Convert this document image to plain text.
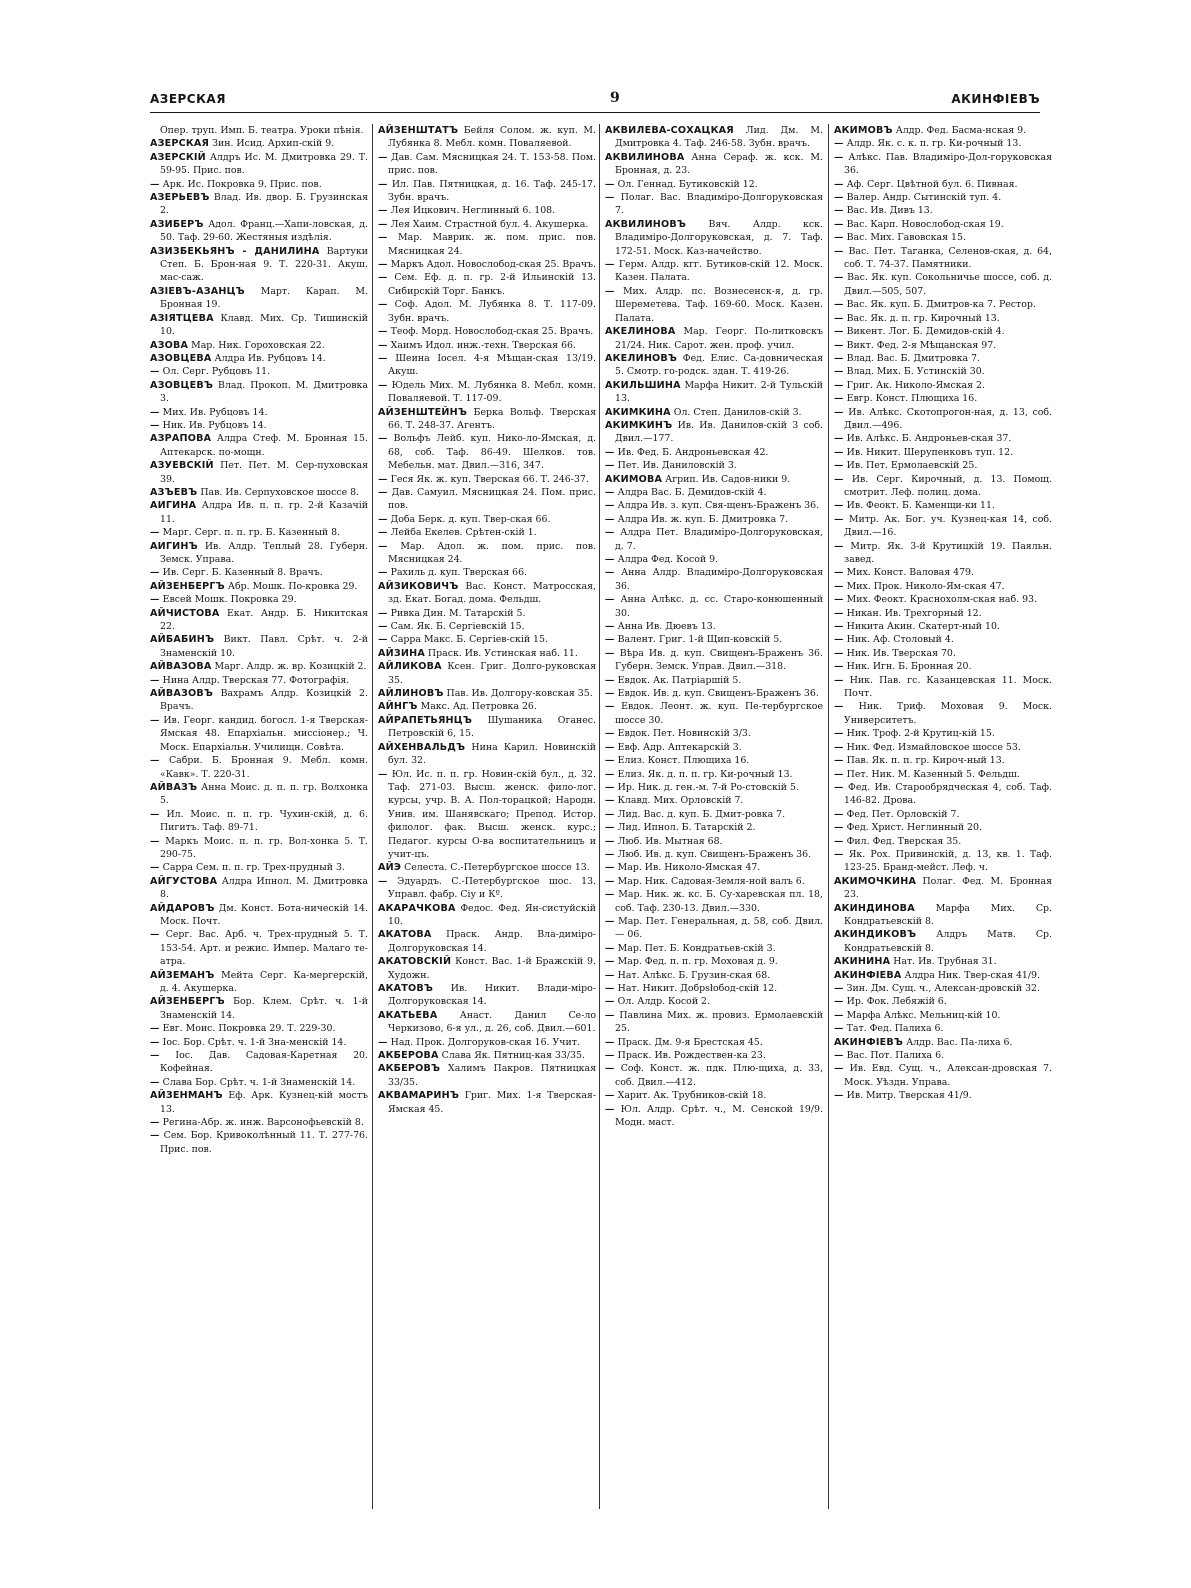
АЗЕРСКАЯ	9	АКИНФІЕВЪ

Опер. труп. Имп. Б. театра. Уроки пѣнія.

АЗЕРСКАЯ Зин. Исид. Архип-скій 9.

АЗЕРСКІЙ Алдръ Ис. М. Дмитровка 29. Т. 59-95. Прис. пов.

— Арк. Ис. Покровка 9. Прис. пов.

АЗЕРЬЕВЪ Влад. Ив. двор. Б. Грузинская 2.

АЗИБЕРЪ Адол. Франц.—Хапи-ловская, д. 50. Таф. 29-60. Жестяныя издѣлія.

АЗИЗБЕКЬЯНЪ - ДАНИЛИНА Вартуки Степ. Б. Брон-ная 9. Т. 220-31. Акуш. мас-саж.

АЗІЕВЪ-АЗАНЦЪ Март. Карап. М. Бронная 19.

АЗІЯТЦЕВА Клавд. Мих. Ср. Тишинскій 10.

АЗОВА Мар. Ник. Гороховская 22.

АЗОВЦЕВА Алдра Ив. Рубцовъ 14.

— Ол. Серг. Рубцовъ 11.

АЗОВЦЕВЪ Влад. Прокоп. М. Дмитровка 3.

— Мих. Ив. Рубцовъ 14.

— Ник. Ив. Рубцовъ 14.

АЗРАПОВА Алдра Стеф. М. Бронная 15. Аптекарск. по-мощн.

АЗУЕВСКІЙ Пет. Пет. М. Сер-пуховская 39.

АЗЪЕВЪ Пав. Ив. Серпуховское шоссе 8.

АИГИНА Алдра Ив. п. п. гр. 2-й Казачій 11.

— Марг. Серг. п. п. гр. Б. Казенный 8.

АИГИНЪ Ив. Алдр. Теплый 28. Губерн. Земск. Управа.

— Ив. Серг. Б. Казенный 8. Врачъ.

АЙЗЕНБЕРГЪ Абр. Мошк. По-кровка 29.

— Евсей Мошк. Покровка 29.

АЙЧИСТОВА Екат. Андр. Б. Никитская 22.

АЙБАБИНЪ Викт. Павл. Срѣт. ч. 2-й Знаменскій 10.

АЙВАЗОВА Марг. Алдр. ж. вр. Козицкій 2.

— Нина Алдр. Тверская 77. Фотографія.

АЙВАЗОВЪ Вахрамъ Алдр. Козицкій 2. Врачъ.

— Ив. Георг. кандид. богосл. 1-я Тверская-Ямская 48. Епархіальн. миссіонер.; Ч. Моск. Епархіальн. Училищн. Совѣта.

— Сабри. Б. Бронная 9. Мебл. комн. «Кавк». Т. 220-31.

АЙВАЗЪ Анна Моис. д. п. п. гр. Волхонка 5.

— Ил. Моис. п. п. гр. Чухин-скій, д. 6. Пигитъ. Таф. 89-71.

— Маркъ Моис. п. п. гр. Вол-хонка 5. Т. 290-75.

— Сарра Сем. п. п. гр. Трех-прудный 3.

АЙГУСТОВА Алдра Ипнол. М. Дмитровка 8.

АЙДАРОВЪ Дм. Конст. Бота-ническій 14. Моск. Почт.

— Серг. Вас. Арб. ч. Трех-прудный 5. Т. 153-54. Арт. и режис. Импер. Малаго те-атра.

АЙЗЕМАНЪ Мейта Серг. Ка-мергерскій, д. 4. Акушерка.

АЙЗЕНБЕРГЪ Бор. Клем. Срѣт. ч. 1-й Знаменскій 14.

— Евг. Моис. Покровка 29. Т. 229-30.

— Іос. Бор. Срѣт. ч. 1-й Зна-менскій 14.

— Іос. Дав. Садовая-Каретная 20. Кофейная.

— Слава Бор. Срѣт. ч. 1-й Знаменскій 14.

АЙЗЕНМАНЪ Еф. Арк. Кузнец-кій мостъ 13.

— Регина-Абр. ж. инж. Варсонофьевскій 8.

— Сем. Бор. Кривоколѣнный 11. Т. 277-76. Прис. пов.

АЙЗЕНШТАТЪ Бейля Солом. ж. куп. М. Лубянка 8. Мебл. комн. Поваляевой.

— Дав. Сам. Мясницкая 24. Т. 153-58. Пом. прис. пов.

— Ил. Пав. Пятницкая, д. 16. Таф. 245-17. Зубн. врачъ.

— Лея Ицкович. Неглинный 6. 108.

— Лея Хаим. Страстной бул. 4. Акушерка.

— Мар. Маврик. ж. пом. прис. пов. Мясницкая 24.

— Маркъ Адол. Новослобод-ская 25. Врачъ.

— Сем. Еф. д. п. гр. 2-й Ильинскій 13. Сибирскій Торг. Банкъ.

— Соф. Адол. М. Лубянка 8. Т. 117-09. Зубн. врачъ.

— Теоф. Морд. Новослобод-ская 25. Врачъ.

— Хаимъ Идол. инж.-техн. Тверская 66.

— Шеина Іосел. 4-я Мѣщан-ская 13/19. Акуш.

— Юдель Мих. М. Лубянка 8. Мебл. комн. Поваляевой. Т. 117-09.

АЙЗЕНШТЕЙНЪ Берка Вольф. Тверская 66. Т. 248-37. Агентъ.

— Вольфъ Лейб. куп. Нико-ло-Ямская, д. 68, соб. Таф. 86-49. Шелков. тов. Мебельн. мат. Двил.—316, 347.

— Геся Як. ж. куп. Тверская 66. Т. 246-37.

— Дав. Самуил. Мясницкая 24. Пом. прис. пов.

— Доба Берк. д. куп. Твер-ская 66.

— Лейба Екелев. Срѣтен-скій 1.

— Мар. Адол. ж. пом. прис. пов. Мясницкая 24.

— Рахиль д. куп. Тверская 66.

АЙЗИКОВИЧЪ Вас. Конст. Матросская, зд. Екат. Богад. дома. Фельдш.

— Ривка Дин. М. Татарскій 5.

— Сам. Як. Б. Сергіевскій 15.

— Сарра Макс. Б. Сергіев-скій 15.

АЙЗИНА Праск. Ив. Устинская наб. 11.

АЙЛИКОВА Ксен. Григ. Долго-руковская 35.

АЙЛИНОВЪ Пав. Ив. Долгору-ковская 35.

АЙНГЪ Макс. Ад. Петровка 26.

АЙРАПЕТЬЯНЦЪ Шушаника Оганес. Петровскій 6, 15.

АЙХЕНВАЛЬДЪ Нина Карил. Новинскій бул. 32.

— Юл. Ис. п. п. гр. Новин-скій бул., д. 32. Таф. 271-03. Высш. женск. фило-лог. курсы, учр. В. А. Пол-торацкой; Народн. Унив. им. Шанявскаго; Препод. Истор. филолог. фак. Высш. женск. курс.; Педагог. курсы О-ва воспитательницъ и учит-цъ.

АЙЭ Селеста. С.-Петербургское шоссе 13.

— Эдуардъ. С.-Петербургское шос. 13. Управл. фабр. Сiу и Кº.

АКАРАЧКОВА Федос. Фед. Ян-систуйскій 10.

АКАТОВА Праск. Андр. Вла-димiро-Долгоруковская 14.

АКАТОВСКІЙ Конст. Вас. 1-й Бражскій 9. Художн.

АКАТОВЪ Ив. Никит. Влади-міро-Долгоруковская 14.

АКАТЬЕВА Анаст. Данил Се-ло Черкизово, 6-я ул., д. 26, соб. Двил.—601.

— Над. Прок. Долгоруков-ская 16. Учит.

АКБЕРОВА Слава Як. Пятниц-кая 33/35.

АКБЕРОВЪ Халимъ Пакров. Пятницкая 33/35.

АКВАМАРИНЪ Григ. Мих. 1-я Тверская-Ямская 45.

АКВИЛЕВА-СОХАЦКАЯ Лид. Дм. М. Дмитровка 4. Таф. 246-58. Зубн. врачъ.

АКВИЛИНОВА Анна Сераф. ж. кск. М. Бронная, д. 23.

— Ол. Геннад. Бутиковскій 12.

— Полаг. Вас. Владимiро-Долгоруковская 7.

АКВИЛИНОВЪ Вяч. Алдр. кск. Владимiро-Долгоруковская, д. 7. Таф. 172-51. Моск. Каз-начейство.

— Герм. Алдр. кгг. Бутиков-скій 12. Моск. Казен. Палата.

— Мих. Алдр. пс. Вознесенск-я, д. гр. Шереметева. Таф. 169-60. Моск. Казен. Палата.

АКЕЛИНОВА Мар. Георг. По-литковскъ 21/24. Ник. Сарот. жен. проф. учил.

АКЕЛИНОВЪ Фед. Елис. Са-довническая 5. Смотр. го-родск. здан. Т. 419-26.

АКИЛЬШИНА Марфа Никит. 2-й Тульскій 13.

АКИМКИНА Ол. Степ. Данилов-скій 3.

АКИМКИНЪ Ив. Ив. Данилов-скій 3 соб. Двил.—177.

— Ив. Фед. Б. Андроньевская 42.

— Пет. Ив. Даниловскій 3.

АКИМОВА Агрип. Ив. Садов-ники 9.

— Алдра Вас. Б. Демидов-скій 4.

— Алдра Ив. з. куп. Свя-щенъ-Браженъ 36.

— Алдра Ив. ж. куп. Б. Дмитровка 7.

— Алдра Пет. Владимiро-Долгоруковская, д. 7.

— Алдра Фед. Косой 9.

— Анна Алдр. Владимiро-Долгоруковская 36.

— Анна Алѣкс. д. сс. Старо-конюшенный 30.

— Анна Ив. Дюевъ 13.

— Валент. Григ. 1-й Щип-ковскій 5.

— Вѣра Ив. д. куп. Свищенъ-Браженъ 36. Губерн. Земск. Управ. Двил.—318.

— Евдок. Ак. Патріаршій 5.

— Евдок. Ив. д. куп. Свищенъ-Браженъ 36.

— Евдок. Леонт. ж. куп. Пе-тербургское шоссе 30.

— Евдок. Пет. Новинскій 3/3.

— Евф. Адр. Аптекарскій 3.

— Елиз. Конст. Плющиха 16.

— Елиз. Як. д. п. п. гр. Ки-рочный 13.

— Ир. Ник. д. ген.-м. 7-й Ро-стовскій 5.

— Клавд. Мих. Орловскій 7.

— Лид. Вас. д. куп. Б. Дмит-ровка 7.

— Лид. Ипнол. Б. Татарскій 2.

— Люб. Ив. Мытная 68.

— Люб. Ив. д. куп. Свищенъ-Браженъ 36.

— Мар. Ив. Николо-Ямская 47.

— Мар. Ник. Садовая-Земля-ной валъ 6.

— Мар. Ник. ж. кс. Б. Су-харевская пл. 18, соб. Таф. 230-13. Двил.—330.

— Мар. Пет. Генеральная, д. 58, соб. Двил.— 06.

— Мар. Пет. Б. Кондратьев-скій 3.

— Мар. Фед. п. п. гр. Моховая д. 9.

— Нат. Алѣкс. Б. Грузин-ская 68.

— Нат. Никит. Добрsłобод-скій 12.

— Ол. Алдр. Косой 2.

— Павлина Мих. ж. провиз. Ермолаевскій 25.

— Праск. Дм. 9-я Брестская 45.

— Праск. Ив. Рождествен-ка 23.

— Соф. Конст. ж. пдк. Плю-щиха, д. 33, соб. Двил.—412.

— Харит. Ак. Трубников-скій 18.

— Юл. Алдр. Срѣт. ч., М. Сенской 19/9. Модн. маст.

АКИМОВЪ Алдр. Фед. Басма-нская 9.

— Алдр. Як. с. к. п. гр. Ки-рочный 13.

— Алѣкс. Пав. Владимiро-Дол-горуковская 36.

— Аф. Серг. Цвѣтной бул. 6. Пивная.

— Валер. Андр. Сытинскій туп. 4.

— Вас. Ив. Дивъ 13.

— Вас. Карп. Новослобод-ская 19.

— Вас. Мих. Гавовская 15.

— Вас. Пет. Таганка, Селенов-ская, д. 64, соб. Т. 74-37. Памятники.

— Вас. Як. куп. Сокольничье шоссе, соб. д. Двил.—505, 507.

— Вас. Як. куп. Б. Дмитров-ка 7. Рестор.

— Вас. Як. д. п. гр. Кирочный 13.

— Викент. Лог. Б. Демидов-скій 4.

— Викт. Фед. 2-я Мѣщанская 97.

— Влад. Вас. Б. Дмитровка 7.

— Влад. Мих. Б. Устинскій 30.

— Григ. Ак. Николо-Ямская 2.

— Евгр. Конст. Плющиха 16.

— Ив. Алѣкс. Скотопрогон-ная, д. 13, соб. Двил.—496.

— Ив. Алѣкс. Б. Андроньев-ская 37.

— Ив. Никит. Шерупенковъ туп. 12.

— Ив. Пет. Ермолаевскій 25.

— Ив. Серг. Кирочный, д. 13. Помощ. смотрит. Леф. полиц. дома.

— Ив. Феокт. Б. Каменщи-ки 11.

— Митр. Ак. Бог. уч. Кузнец-кая 14, соб. Двил.—16.

— Митр. Як. 3-й Крутицкій 19. Паяльн. завед.

— Мих. Конст. Валовая 479.

— Мих. Прок. Николо-Ям-ская 47.

— Мих. Феокт. Краснохолм-ская наб. 93.

— Никан. Ив. Трехгорный 12.

— Никита Акин. Скатерт-ный 10.

— Ник. Аф. Столовый 4.

— Ник. Ив. Тверская 70.

— Ник. Игн. Б. Бронная 20.

— Ник. Пав. гс. Казанцевская 11. Моск. Почт.

— Ник. Триф. Моховая 9. Моск. Университетъ.

— Ник. Троф. 2-й Крутиц-кій 15.

— Ник. Фед. Измайловское шоссе 53.

— Пав. Як. п. п. гр. Кироч-ный 13.

— Пет. Ник. М. Казенный 5. Фельдш.

— Фед. Ив. Старообрядческая 4, соб. Таф. 146-82. Дрова.

— Фед. Пет. Орловскій 7.

— Фед. Христ. Неглинный 20.

— Фил. Фед. Тверская 35.

— Як. Рох. Привинскій, д. 13, кв. 1. Таф. 123-25. Бранд-мейст. Леф. ч.

АКИМОЧКИНА Полаг. Фед. М. Бронная 23.

АКИНДИНОВА Марфа Мих. Ср. Кондратьевскій 8.

АКИНДИКОВЪ Алдръ Матв. Ср. Кондратьевскій 8.

АКИНИНА Нат. Ив. Трубная 31.

АКИНФІЕВА Алдра Ник. Твер-ская 41/9.

— Зин. Дм. Сущ. ч., Алексан-дровскій 32.

— Ир. Фок. Лебяжій 6.

— Марфа Алѣкс. Мельниц-кій 10.

— Тат. Фед. Палиха 6.

АКИНФІЕВЪ Алдр. Вас. Па-лиха 6.

— Вас. Пот. Палиха 6.

— Ив. Евд. Сущ. ч., Алексан-дровская 7. Моск. Уѣздн. Управа.

— Ив. Митр. Тверская 41/9.
